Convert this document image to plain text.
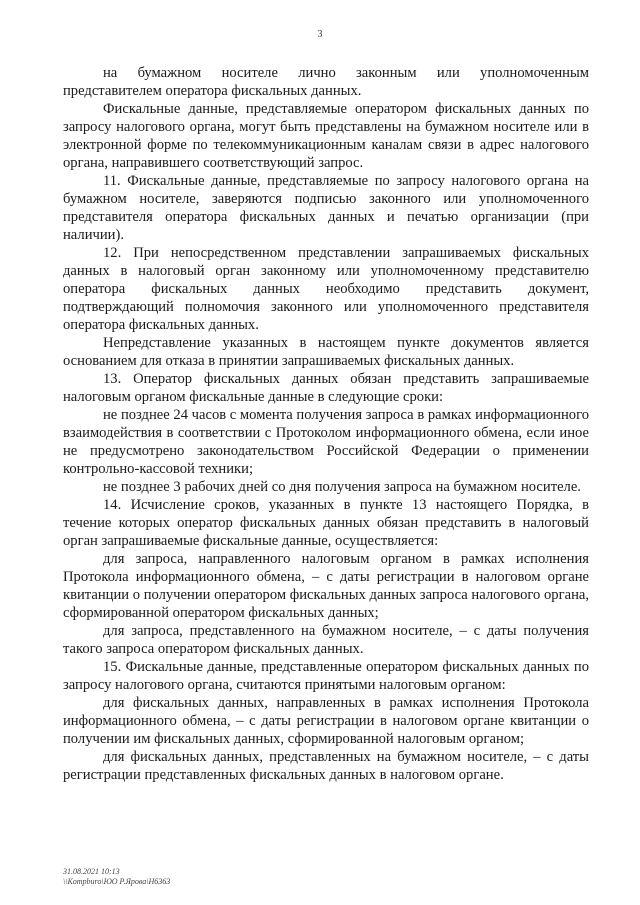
3

на бумажном носителе лично законным или уполномоченным представителем оператора фискальных данных.

Фискальные данные, представляемые оператором фискальных данных по запросу налогового органа, могут быть представлены на бумажном носителе или в электронной форме по телекоммуникационным каналам связи в адрес налогового органа, направившего соответствующий запрос.

11. Фискальные данные, представляемые по запросу налогового органа на бумажном носителе, заверяются подписью законного или уполномоченного представителя оператора фискальных данных и печатью организации (при наличии).

12. При непосредственном представлении запрашиваемых фискальных данных в налоговый орган законному или уполномоченному представителю оператора фискальных данных необходимо представить документ, подтверждающий полномочия законного или уполномоченного представителя оператора фискальных данных.

Непредставление указанных в настоящем пункте документов является основанием для отказа в принятии запрашиваемых фискальных данных.

13. Оператор фискальных данных обязан представить запрашиваемые налоговым органом фискальные данные в следующие сроки:

не позднее 24 часов с момента получения запроса в рамках информационного взаимодействия в соответствии с Протоколом информационного обмена, если иное не предусмотрено законодательством Российской Федерации о применении контрольно-кассовой техники;

не позднее 3 рабочих дней со дня получения запроса на бумажном носителе.

14. Исчисление сроков, указанных в пункте 13 настоящего Порядка, в течение которых оператор фискальных данных обязан представить в налоговый орган запрашиваемые фискальные данные, осуществляется:

для запроса, направленного налоговым органом в рамках исполнения Протокола информационного обмена, – с даты регистрации в налоговом органе квитанции о получении оператором фискальных данных запроса налогового органа, сформированной оператором фискальных данных;

для запроса, представленного на бумажном носителе, – с даты получения такого запроса оператором фискальных данных.

15. Фискальные данные, представленные оператором фискальных данных по запросу налогового органа, считаются принятыми налоговым органом:

для фискальных данных, направленных в рамках исполнения Протокола информационного обмена, – с даты регистрации в налоговом органе квитанции о получении им фискальных данных, сформированной налоговым органом;

для фискальных данных, представленных на бумажном носителе, – с даты регистрации представленных фискальных данных в налоговом органе.

31.08.2021 10:13
\\Kompburo\ЮО Р.Ярова\Н6363
